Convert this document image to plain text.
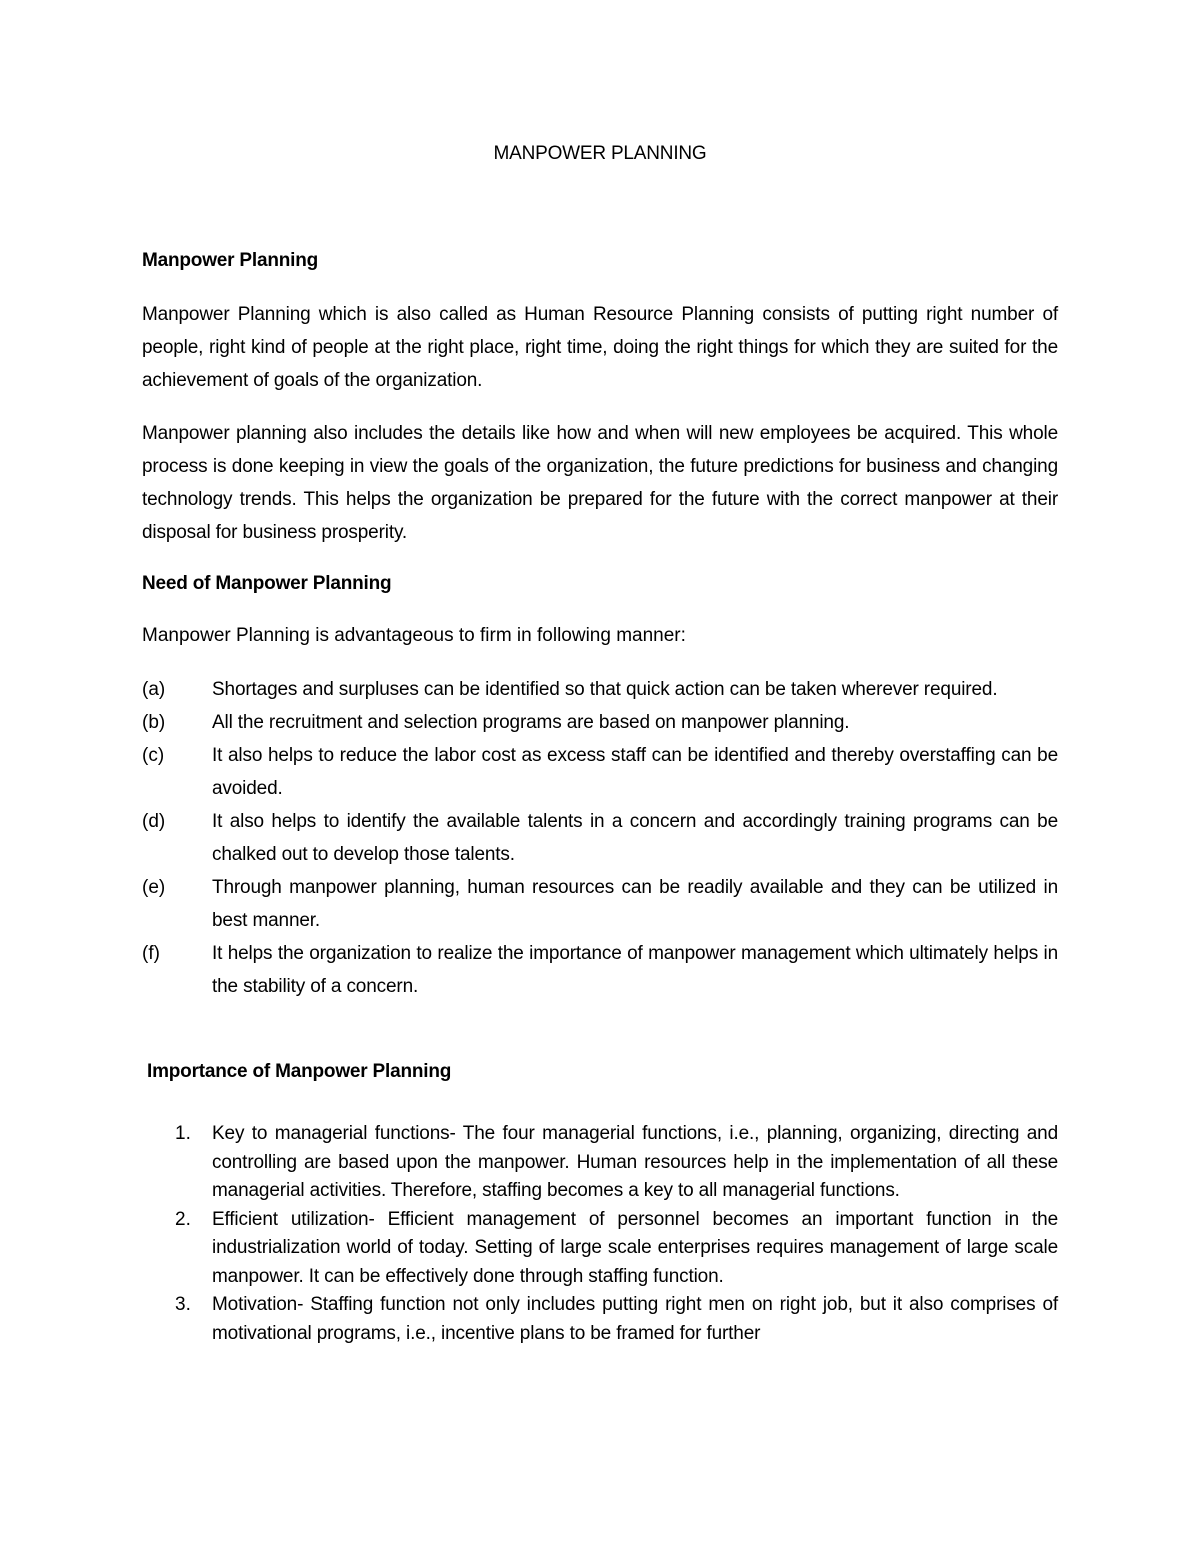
MANPOWER PLANNING
Manpower Planning
Manpower Planning which is also called as Human Resource Planning consists of putting right number of people, right kind of people at the right place, right time, doing the right things for which they are suited for the achievement of goals of the organization.
Manpower planning also includes the details like how and when will new employees be acquired. This whole process is done keeping in view the goals of the organization, the future predictions for business and changing technology trends. This helps the organization be prepared for the future with the correct manpower at their disposal for business prosperity.
Need of Manpower Planning
Manpower Planning is advantageous to firm in following manner:
(a)	Shortages and surpluses can be identified so that quick action can be taken wherever required.
(b)	All the recruitment and selection programs are based on manpower planning.
(c)	It also helps to reduce the labor cost as excess staff can be identified and thereby overstaffing can be avoided.
(d)	It also helps to identify the available talents in a concern and accordingly training programs can be chalked out to develop those talents.
(e)	Through manpower planning, human resources can be readily available and they can be utilized in best manner.
(f)	It helps the organization to realize the importance of manpower management which ultimately helps in the stability of a concern.
Importance of Manpower Planning
1.	Key to managerial functions- The four managerial functions, i.e., planning, organizing, directing and controlling are based upon the manpower. Human resources help in the implementation of all these managerial activities. Therefore, staffing becomes a key to all managerial functions.
2.	Efficient utilization- Efficient management of personnel becomes an important function in the industrialization world of today. Setting of large scale enterprises requires management of large scale manpower. It can be effectively done through staffing function.
3.	Motivation- Staffing function not only includes putting right men on right job, but it also comprises of motivational programs, i.e., incentive plans to be framed for further
